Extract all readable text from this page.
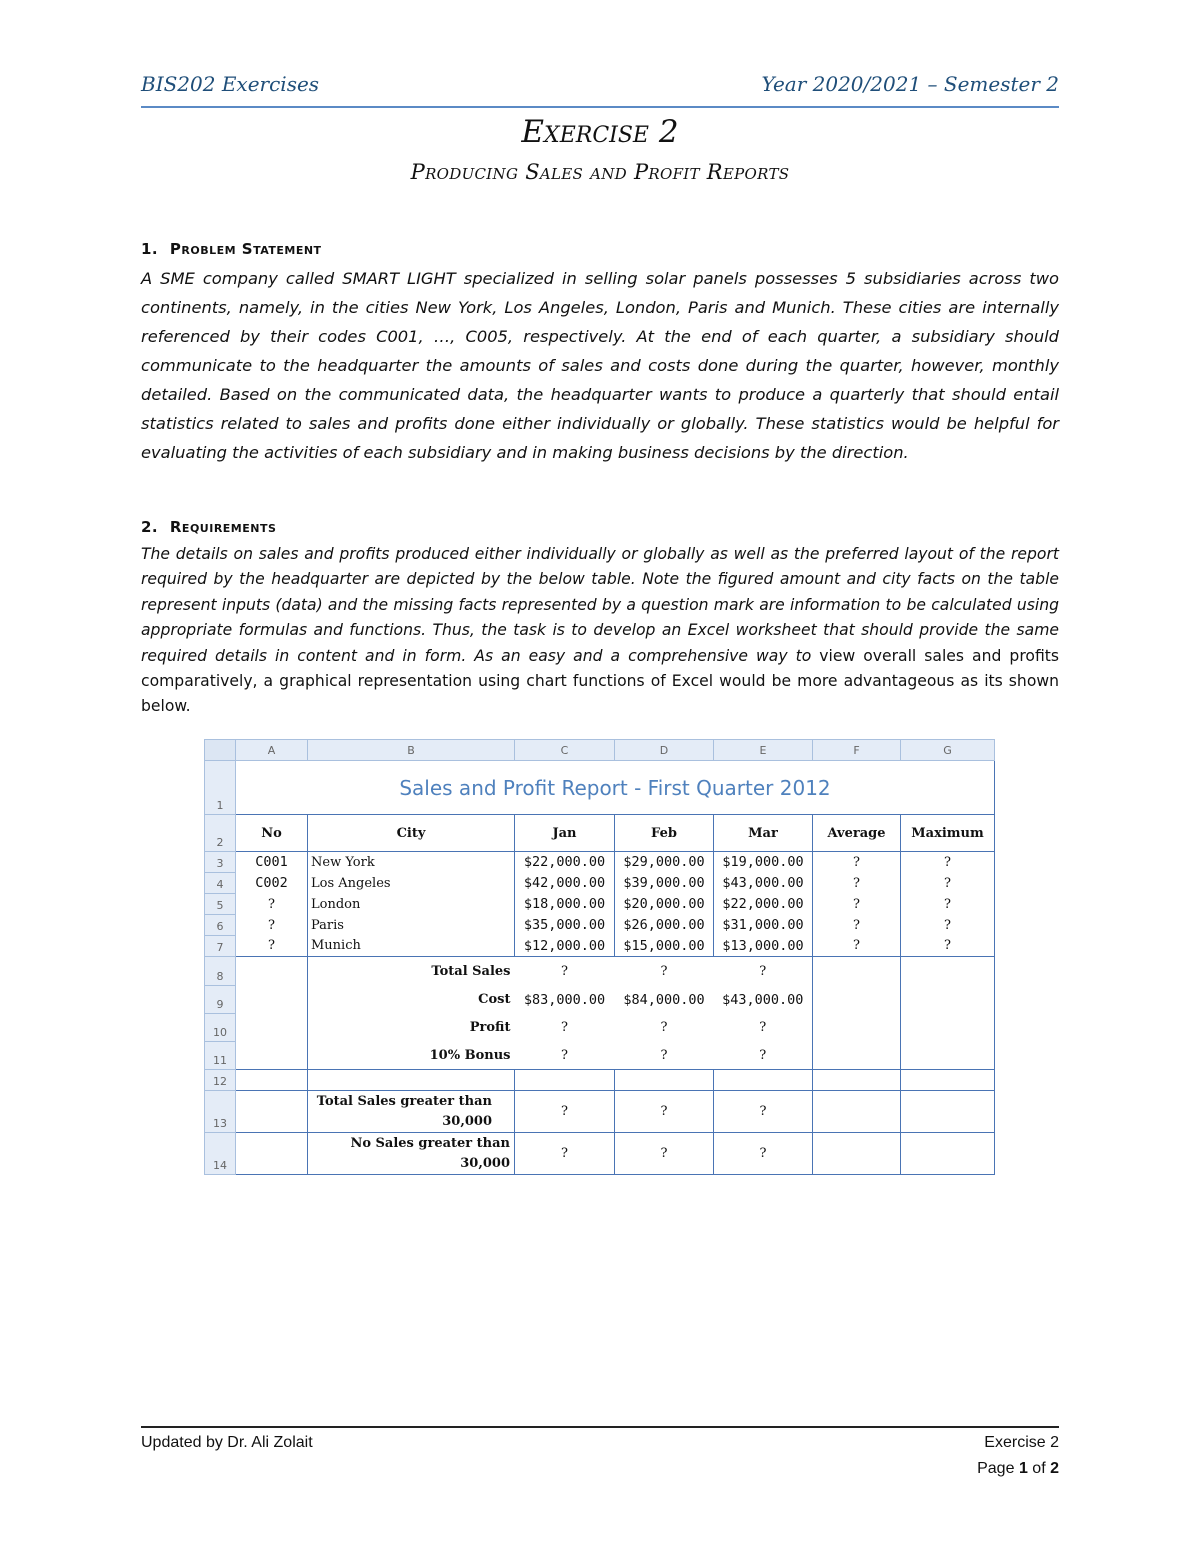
BIS202 Exercises	Year 2020/2021 – Semester 2
Exercise 2
Producing Sales and Profit Reports
1. Problem Statement
A SME company called SMART LIGHT specialized in selling solar panels possesses 5 subsidiaries across two continents, namely, in the cities New York, Los Angeles, London, Paris and Munich. These cities are internally referenced by their codes C001, …, C005, respectively. At the end of each quarter, a subsidiary should communicate to the headquarter the amounts of sales and costs done during the quarter, however, monthly detailed. Based on the communicated data, the headquarter wants to produce a quarterly that should entail statistics related to sales and profits done either individually or globally. These statistics would be helpful for evaluating the activities of each subsidiary and in making business decisions by the direction.
2. Requirements
The details on sales and profits produced either individually or globally as well as the preferred layout of the report required by the headquarter are depicted by the below table. Note the figured amount and city facts on the table represent inputs (data) and the missing facts represented by a question mark are information to be calculated using appropriate formulas and functions. Thus, the task is to develop an Excel worksheet that should provide the same required details in content and in form. As an easy and a comprehensive way to view overall sales and profits comparatively, a graphical representation using chart functions of Excel would be more advantageous as its shown below.
	A	B	C	D	E	F	G
1	Sales and Profit Report - First Quarter 2012						
2	No	City	Jan	Feb	Mar	Average	Maximum
3	C001	New York	$22,000.00	$29,000.00	$19,000.00	?	?
4	C002	Los Angeles	$42,000.00	$39,000.00	$43,000.00	?	?
5	?	London	$18,000.00	$20,000.00	$22,000.00	?	?
6	?	Paris	$35,000.00	$26,000.00	$31,000.00	?	?
7	?	Munich	$12,000.00	$15,000.00	$13,000.00	?	?
8		Total Sales	?	?	?		
9		Cost	$83,000.00	$84,000.00	$43,000.00		
10		Profit	?	?	?		
11		10% Bonus	?	?	?		
12							
13		Total Sales greater than
30,000	?	?	?		
14		No Sales greater than
30,000	?	?	?		
Updated by Dr. Ali Zolait	Exercise 2
Page 1 of 2
